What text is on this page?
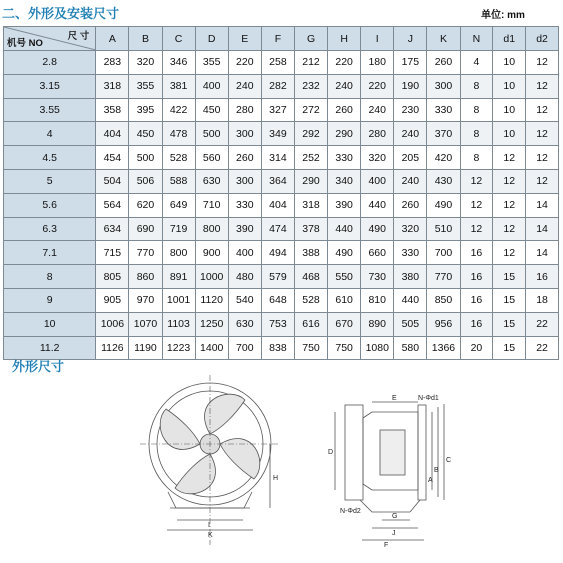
二、外形及安装尺寸	单位: mm
尺 寸
机号 NO	A	B	C	D	E	F	G	H	I	J	K	N	d1	d2
2.8	283	320	346	355	220	258	212	220	180	175	260	4	10	12
3.15	318	355	381	400	240	282	232	240	220	190	300	8	10	12
3.55	358	395	422	450	280	327	272	260	240	230	330	8	10	12
4	404	450	478	500	300	349	292	290	280	240	370	8	10	12
4.5	454	500	528	560	260	314	252	330	320	205	420	8	12	12
5	504	506	588	630	300	364	290	340	400	240	430	12	12	12
5.6	564	620	649	710	330	404	318	390	440	260	490	12	12	14
6.3	634	690	719	800	390	474	378	440	490	320	510	12	12	14
7.1	715	770	800	900	400	494	388	490	660	330	700	16	12	14
8	805	860	891	1000	480	579	468	550	730	380	770	16	15	16
9	905	970	1001	1120	540	648	528	610	810	440	850	16	15	18
10	1006	1070	1103	1250	630	753	616	670	890	505	956	16	15	22
11.2	1126	1190	1223	1400	700	838	750	750	1080	580	1366	20	15	22
外形尺寸
H
I
K
E	N-Φd1
D
A
B
C
N-Φd2
G
J
F
